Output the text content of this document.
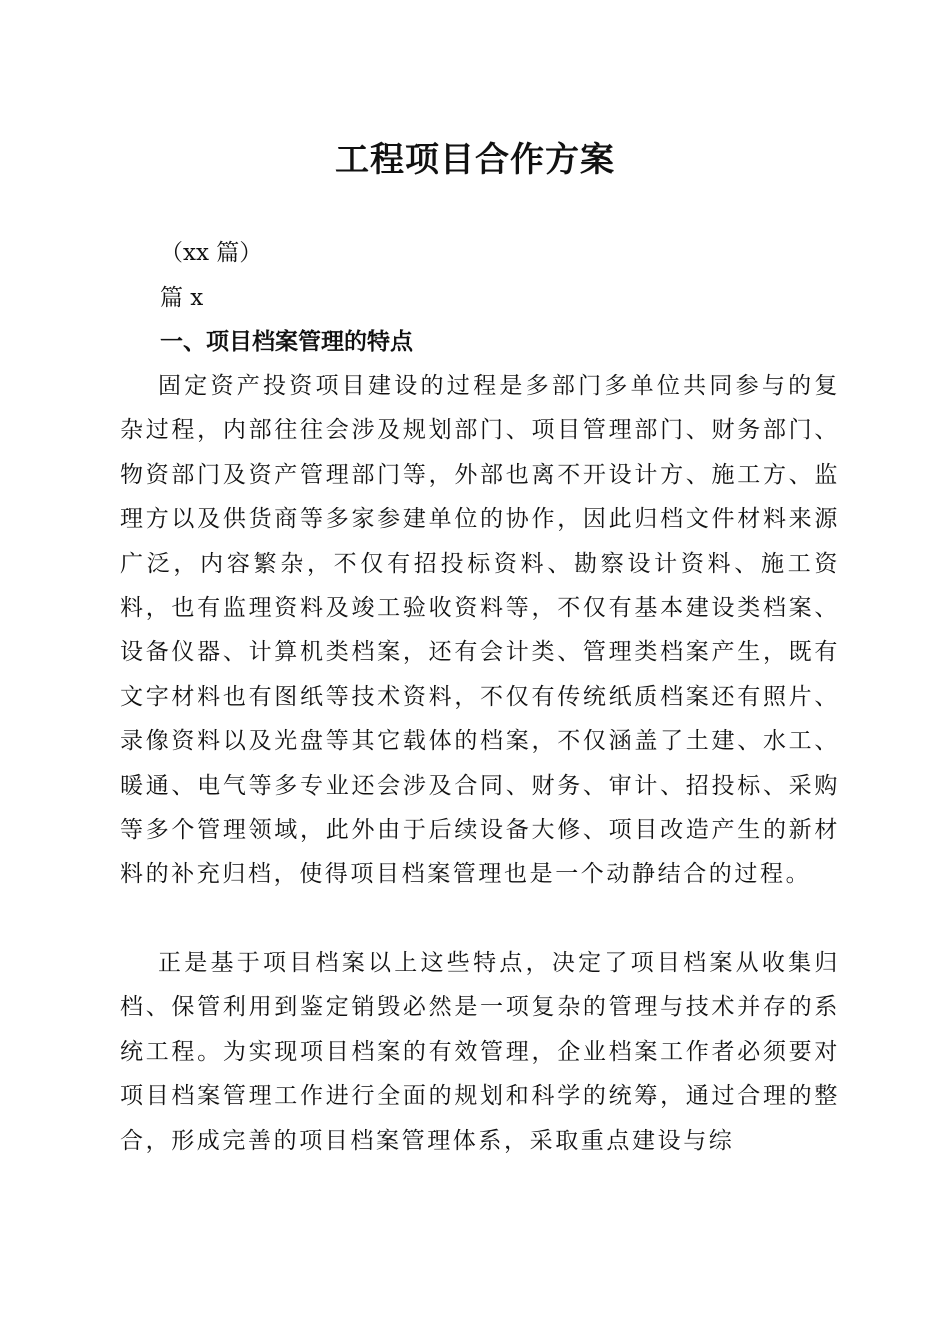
工程项目合作方案
（xx 篇）
篇 x
一、项目档案管理的特点

固定资产投资项目建设的过程是多部门多单位共同参与的复杂过程，内部往往会涉及规划部门、项目管理部门、财务部门、物资部门及资产管理部门等，外部也离不开设计方、施工方、监理方以及供货商等多家参建单位的协作，因此归档文件材料来源广泛，内容繁杂，不仅有招投标资料、勘察设计资料、施工资料，也有监理资料及竣工验收资料等，不仅有基本建设类档案、设备仪器、计算机类档案，还有会计类、管理类档案产生，既有文字材料也有图纸等技术资料，不仅有传统纸质档案还有照片、录像资料以及光盘等其它载体的档案，不仅涵盖了土建、水工、暖通、电气等多专业还会涉及合同、财务、审计、招投标、采购等多个管理领域，此外由于后续设备大修、项目改造产生的新材料的补充归档，使得项目档案管理也是一个动静结合的过程。

正是基于项目档案以上这些特点，决定了项目档案从收集归档、保管利用到鉴定销毁必然是一项复杂的管理与技术并存的系统工程。为实现项目档案的有效管理，企业档案工作者必须要对项目档案管理工作进行全面的规划和科学的统筹，通过合理的整合，形成完善的项目档案管理体系，采取重点建设与综
